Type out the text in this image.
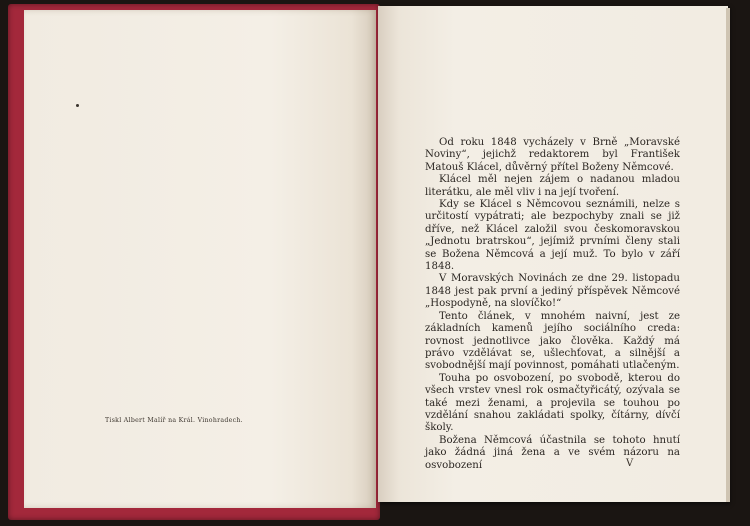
Tiskl Albert Malíř na Král. Vinohradech.

Od roku 1848 vycházely v Brně „Moravské Noviny“, jejichž redaktorem byl František Matouš Klácel, důvěrný přítel Boženy Němcové.

Klácel měl nejen zájem o nadanou mladou literátku, ale měl vliv i na její tvoření.

Kdy se Klácel s Němcovou seznámili, nelze s určitostí vypátrati; ale bezpochyby znali se již dříve, než Klácel založil svou českomoravskou „Jednotu bratrskou“, jejímiž prvními členy stali se Božena Němcová a její muž. To bylo v září 1848.

V Moravských Novinách ze dne 29. listopadu 1848 jest pak první a jediný příspěvek Němcové „Hospodyně, na slovíčko!“

Tento článek, v mnohém naivní, jest ze základních kamenů jejího sociálního creda: rovnost jednotlivce jako člověka. Každý má právo vzdělávat se, ušlechťovat, a silnější a svobodnější mají povinnost, pomáhati utlačeným.

Touha po osvobození, po svobodě, kterou do všech vrstev vnesl rok osmačtyřicátý, ozývala se také mezi ženami, a projevila se touhou po vzdělání snahou zakládati spolky, čítárny, dívčí školy.

Božena Němcová účastnila se tohoto hnutí jako žádná jiná žena a ve svém názoru na osvobození	V
